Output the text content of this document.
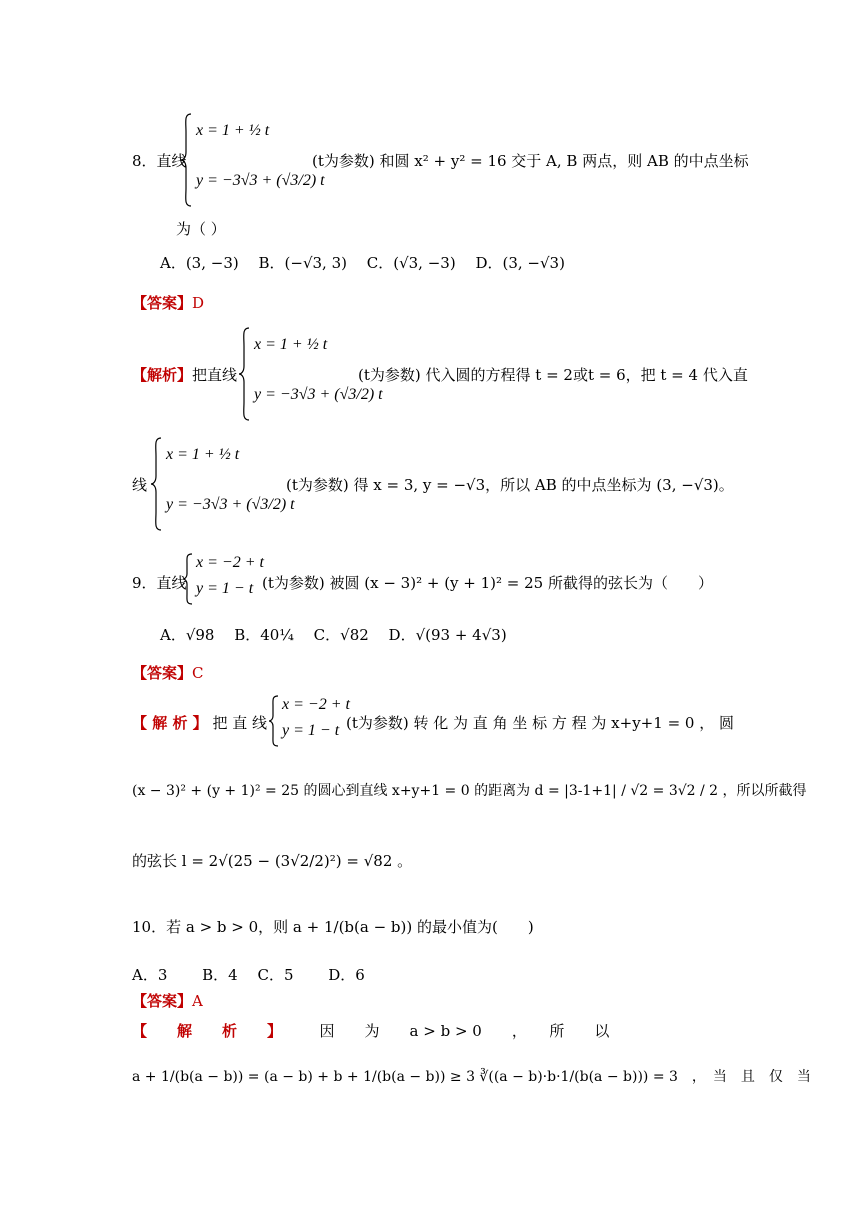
8．直线
x = 1 + ½ t
y = −3√3 + (√3/2) t
(t为参数) 和圆 x² + y² = 16 交于 A, B 两点，则 AB 的中点坐标
为（ ）
A．(3, −3)　 B．(−√3, 3)　 C．(√3, −3)　 D．(3, −√3)
【答案】D
【解析】把直线
x = 1 + ½ t
y = −3√3 + (√3/2) t
(t为参数) 代入圆的方程得 t = 2或t = 6，把 t = 4 代入直
线
x = 1 + ½ t
y = −3√3 + (√3/2) t
(t为参数) 得 x = 3, y = −√3，所以 AB 的中点坐标为 (3, −√3)。
9．直线
x = −2 + t
y = 1 − t (t为参数) 被圆 (x − 3)² + (y + 1)² = 25 所截得的弦长为（　　）
A．√98　 B．40¼　 C．√82　 D．√(93 + 4√3)
【答案】C
【 解 析 】 把 直 线
x = −2 + t
y = 1 − t (t为参数) 转 化 为 直 角 坐 标 方 程 为 x+y+1 = 0 ， 圆
(x − 3)² + (y + 1)² = 25 的圆心到直线 x+y+1 = 0 的距离为 d = |3-1+1| / √2 = 3√2 / 2 ，所以所截得
的弦长 l = 2√(25 − (3√2/2)²) = √82 。
10．若 a > b > 0，则 a + 1/(b(a − b)) 的最小值为(　　)
A．3　　 B．4　 C．5　　 D．6
【答案】A
【　　解　　析　　】　　　	因　　为　　a > b > 0　　，　　所　　以
a + 1/(b(a − b)) = (a − b) + b + 1/(b(a − b)) ≥ 3 ∛((a − b)·b·1/(b(a − b))) = 3　，　当　且　仅　当
